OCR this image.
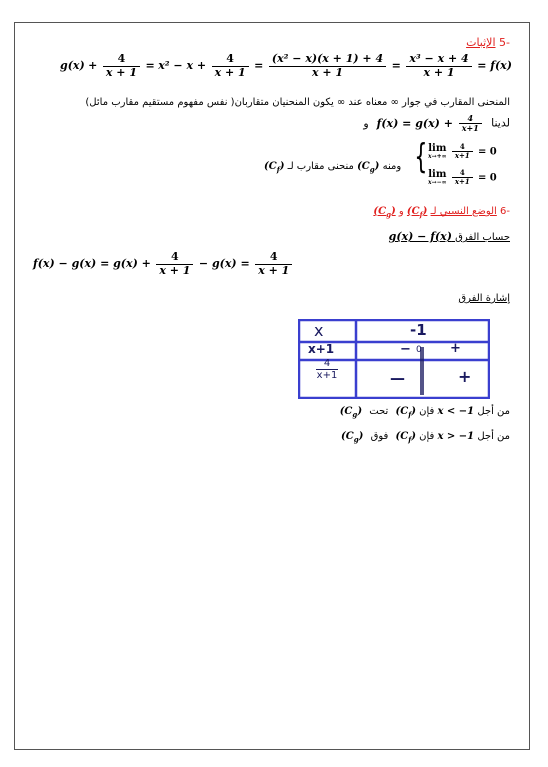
-5 الإثبات
$g(x) + \frac{4}{x + 1} = x^2 - x + \frac{4}{x + 1} = \frac{\text{(x² − x)(x + 1) + 4}}{x + 1} = \frac{\text{x³ − x + 4}}{x + 1} = f(x)$
المنحنى المقارب في جوار ∞ معناه عند ∞ يكون المنحنيان متقاربان( نفس مفهوم مستقيم مقارب مائل)
لدينا $f(x) = g(x) + \frac{4}{x+1}$
و
{ lim
x→+∞
$\frac{4}{x+1} = 0$
lim
x→−∞
$\frac{4}{x+1} = 0$
ومنه $(C_g)$ منحنى مقارب لـ $(C_f)$
-6 الوضع النسبي لـ $(C_f)$ و $(C_g)$
حساب الفرق g(x) − f(x)
$f(x) - g(x) = g(x) + \frac{4}{x + 1} - g(x) = \frac{4}{x + 1}$
إشارة الفرق
x	-1
x+1	− 0 +
4
x+1	—	+
من أجل x < −1 فإن $(C_f)$ تحت $(C_g)$
من أجل x > −1 فإن $(C_f)$ فوق $(C_g)$
